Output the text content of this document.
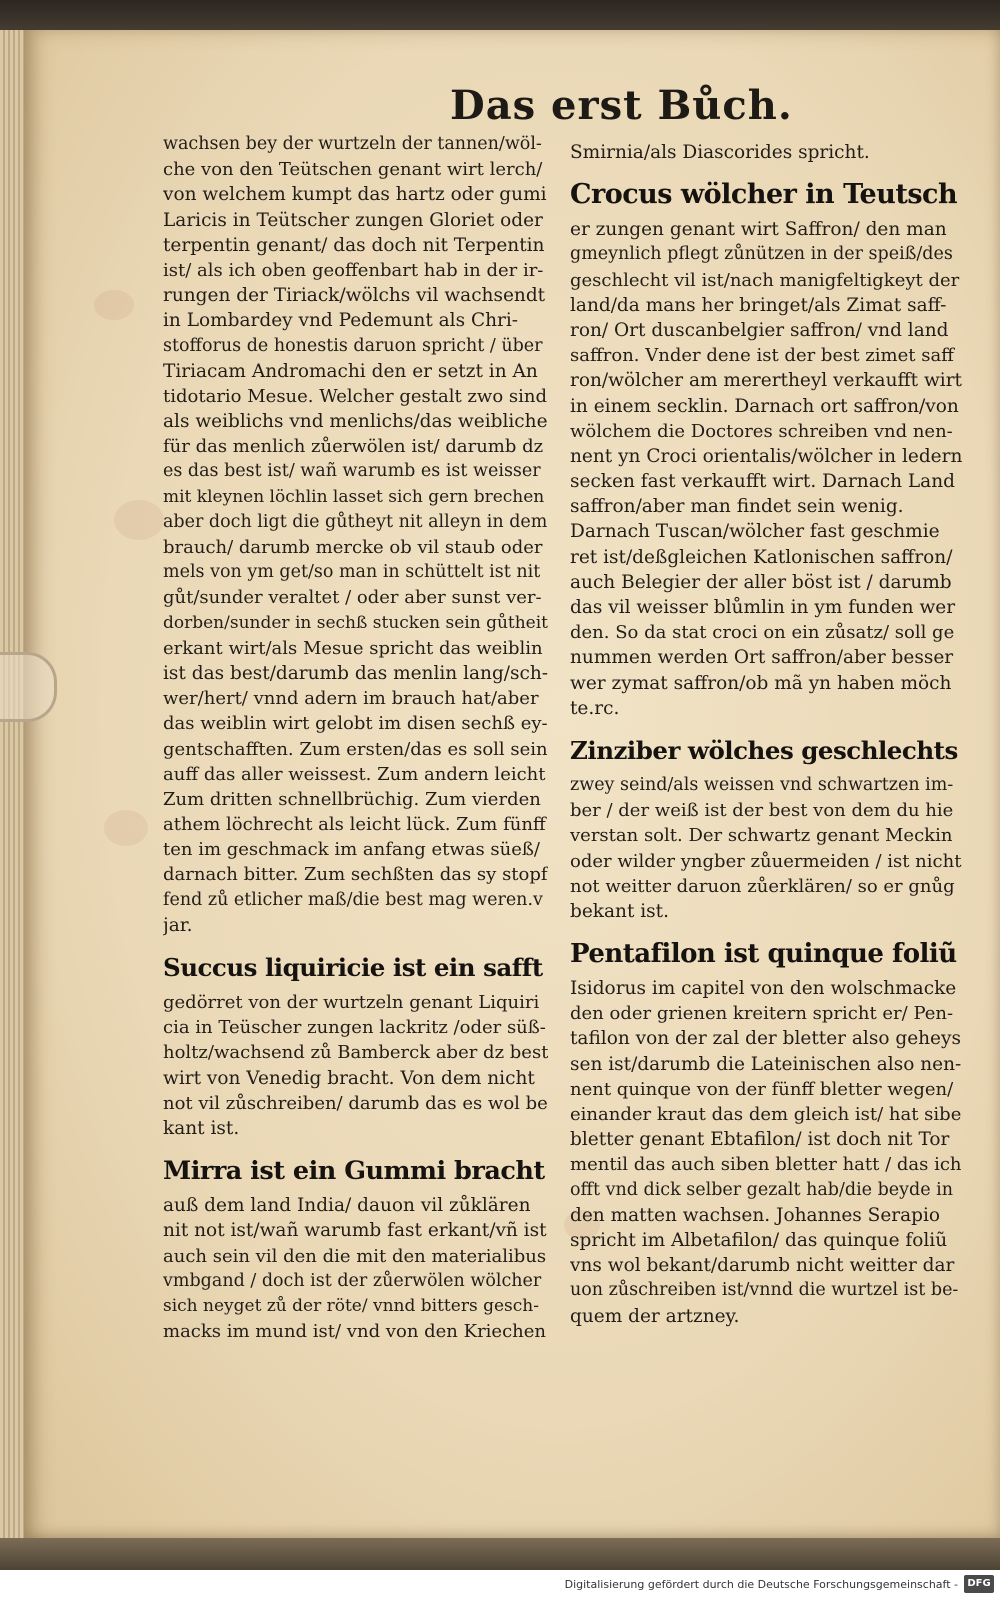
Das erst Bůch.
wachsen bey der wurtzeln der tannen/wöl-
che von den Teütschen genant wirt lerch/
von welchem kumpt das hartz oder gumi
Laricis in Teütscher zungen Gloriet oder
terpentin genant/ das doch nit Terpentin
ist/ als ich oben geoffenbart hab in der ir-
rungen der Tiriack/wölchs vil wachsendt
in Lombardey vnd Pedemunt als Chri-
stofforus de honestis daruon spricht / über
Tiriacam Andromachi den er setzt in An
tidotario Mesue. Welcher gestalt zwo sind
als weiblichs vnd menlichs/das weibliche
für das menlich zůerwölen ist/ darumb dz
es das best ist/ wañ warumb es ist weisser
mit kleynen löchlin lasset sich gern brechen
aber doch ligt die gůtheyt nit alleyn in dem
brauch/ darumb mercke ob vil staub oder
mels von ym get/so man in schüttelt ist nit
gůt/sunder veraltet / oder aber sunst ver-
dorben/sunder in sechß stucken sein gůtheit
erkant wirt/als Mesue spricht das weiblin
ist das best/darumb das menlin lang/sch-
wer/hert/ vnnd adern im brauch hat/aber
das weiblin wirt gelobt im disen sechß ey-
gentschafften. Zum ersten/das es soll sein
auff das aller weissest. Zum andern leicht
Zum dritten schnellbrüchig. Zum vierden
athem löchrecht als leicht lück. Zum fünff
ten im geschmack im anfang etwas süeß/
darnach bitter. Zum sechßten das sy stopf
fend zů etlicher maß/die best mag weren.v
jar.
Succus liquiricie ist ein safft
gedörret von der wurtzeln genant Liquiri
cia in Teüscher zungen lackritz /oder süß-
holtz/wachsend zů Bamberck aber dz best
wirt von Venedig bracht. Von dem nicht
not vil zůschreiben/ darumb das es wol be
kant ist.
Mirra ist ein Gummi bracht
auß dem land India/ dauon vil zůklären
nit not ist/wañ warumb fast erkant/vñ ist
auch sein vil den die mit den materialibus
vmbgand / doch ist der zůerwölen wölcher
sich neyget zů der röte/ vnnd bitters gesch-
macks im mund ist/ vnd von den Kriechen
Smirnia/als Diascorides spricht.
Crocus wölcher in Teutsch
er zungen genant wirt Saffron/ den man
gmeynlich pflegt zůnützen in der speiß/des
geschlecht vil ist/nach manigfeltigkeyt der
land/da mans her bringet/als Zimat saff-
ron/ Ort duscanbelgier saffron/ vnd land
saffron. Vnder dene ist der best zimet saff
ron/wölcher am merertheyl verkaufft wirt
in einem secklin. Darnach ort saffron/von
wölchem die Doctores schreiben vnd nen-
nent yn Croci orientalis/wölcher in ledern
secken fast verkaufft wirt. Darnach Land
saffron/aber man findet sein wenig.
Darnach Tuscan/wölcher fast geschmie
ret ist/deßgleichen Katlonischen saffron/
auch Belegier der aller böst ist / darumb
das vil weisser blůmlin in ym funden wer
den. So da stat croci on ein zůsatz/ soll ge
nummen werden Ort saffron/aber besser
wer zymat saffron/ob mã yn haben möch
te.rc.
Zinziber wölches geschlechts
zwey seind/als weissen vnd schwartzen im-
ber / der weiß ist der best von dem du hie
verstan solt. Der schwartz genant Meckin
oder wilder yngber zůuermeiden / ist nicht
not weitter daruon zůerklären/ so er gnůg
bekant ist.
Pentafilon ist quinque foliũ
Isidorus im capitel von den wolschmacke
den oder grienen kreitern spricht er/ Pen-
tafilon von der zal der bletter also geheys
sen ist/darumb die Lateinischen also nen-
nent quinque von der fünff bletter wegen/
einander kraut das dem gleich ist/ hat sibe
bletter genant Ebtafilon/ ist doch nit Tor
mentil das auch siben bletter hatt / das ich
offt vnd dick selber gezalt hab/die beyde in
den matten wachsen. Johannes Serapio
spricht im Albetafilon/ das quinque foliũ
vns wol bekant/darumb nicht weitter dar
uon zůschreiben ist/vnnd die wurtzel ist be-
quem der artzney.
Digitalisierung gefördert durch die Deutsche Forschungsgemeinschaft - DFG
